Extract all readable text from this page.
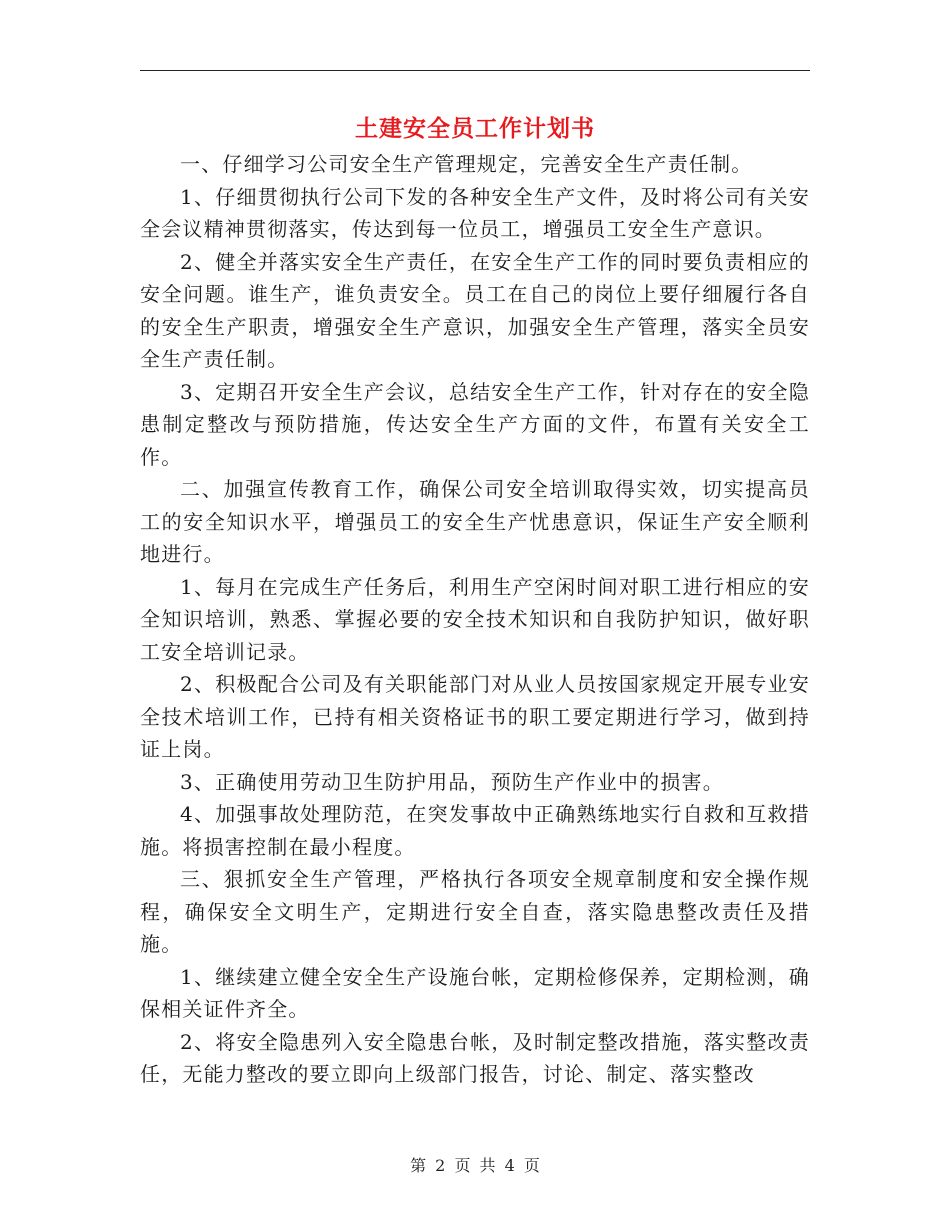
土建安全员工作计划书

一、仔细学习公司安全生产管理规定，完善安全生产责任制。

1、仔细贯彻执行公司下发的各种安全生产文件，及时将公司有关安全会议精神贯彻落实，传达到每一位员工，增强员工安全生产意识。

2、健全并落实安全生产责任，在安全生产工作的同时要负责相应的安全问题。谁生产，谁负责安全。员工在自己的岗位上要仔细履行各自的安全生产职责，增强安全生产意识，加强安全生产管理，落实全员安全生产责任制。

3、定期召开安全生产会议，总结安全生产工作，针对存在的安全隐患制定整改与预防措施，传达安全生产方面的文件，布置有关安全工作。

二、加强宣传教育工作，确保公司安全培训取得实效，切实提高员工的安全知识水平，增强员工的安全生产忧患意识，保证生产安全顺利地进行。

1、每月在完成生产任务后，利用生产空闲时间对职工进行相应的安全知识培训，熟悉、掌握必要的安全技术知识和自我防护知识，做好职工安全培训记录。

2、积极配合公司及有关职能部门对从业人员按国家规定开展专业安全技术培训工作，已持有相关资格证书的职工要定期进行学习，做到持证上岗。

3、正确使用劳动卫生防护用品，预防生产作业中的损害。

4、加强事故处理防范，在突发事故中正确熟练地实行自救和互救措施。将损害控制在最小程度。

三、狠抓安全生产管理，严格执行各项安全规章制度和安全操作规程，确保安全文明生产，定期进行安全自查，落实隐患整改责任及措施。

1、继续建立健全安全生产设施台帐，定期检修保养，定期检测，确保相关证件齐全。

2、将安全隐患列入安全隐患台帐，及时制定整改措施，落实整改责任，无能力整改的要立即向上级部门报告，讨论、制定、落实整改

第 2 页 共 4 页
